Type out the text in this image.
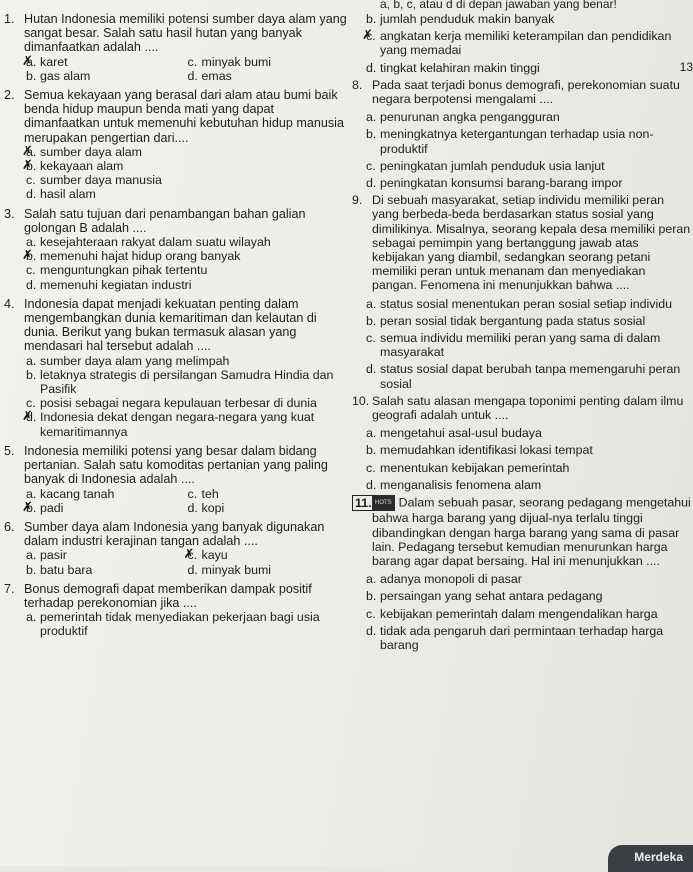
a, b, c, atau d di depan jawaban yang benar!
13
1. Hutan Indonesia memiliki potensi sumber daya alam yang sangat besar. Salah satu hasil hutan yang banyak dimanfaatkan adalah ....
✗ a. karet	c. minyak bumi
b. gas alam	d. emas
2. Semua kekayaan yang berasal dari alam atau bumi baik benda hidup maupun benda mati yang dapat dimanfaatkan untuk memenuhi kebutuhan hidup manusia merupakan pengertian dari....
✗ a. sumber daya alam
✗ b. kekayaan alam
c. sumber daya manusia
d. hasil alam
3. Salah satu tujuan dari penambangan bahan galian golongan B adalah ....
a. kesejahteraan rakyat dalam suatu wilayah
✗ b. memenuhi hajat hidup orang banyak
c. menguntungkan pihak tertentu
d. memenuhi kegiatan industri
4. Indonesia dapat menjadi kekuatan penting dalam mengembangkan dunia kemaritiman dan kelautan di dunia. Berikut yang bukan termasuk alasan yang mendasari hal tersebut adalah ....
a. sumber daya alam yang melimpah
b. letaknya strategis di persilangan Samudra Hindia dan Pasifik
c. posisi sebagai negara kepulauan terbesar di dunia
✗ d. Indonesia dekat dengan negara-negara yang kuat kemaritimannya
5. Indonesia memiliki potensi yang besar dalam bidang pertanian. Salah satu komoditas pertanian yang paling banyak di Indonesia adalah ....
a. kacang tanah	c. teh
✗ b. padi	d. kopi
6. Sumber daya alam Indonesia yang banyak digunakan dalam industri kerajinan tangan adalah ....
a. pasir
✗	c. kayu
b. batu bara	d. minyak bumi
7. Bonus demografi dapat memberikan dampak positif terhadap perekonomian jika ....
a. pemerintah tidak menyediakan pekerjaan bagi usia produktif
b. jumlah penduduk makin banyak
✗ c. angkatan kerja memiliki keterampilan dan pendidikan yang memadai
d. tingkat kelahiran makin tinggi
8. Pada saat terjadi bonus demografi, perekonomian suatu negara berpotensi mengalami ....
a. penurunan angka pengangguran
b. meningkatnya ketergantungan terhadap usia non-produktif
c. peningkatan jumlah penduduk usia lanjut
d. peningkatan konsumsi barang-barang impor
9. Di sebuah masyarakat, setiap individu memiliki peran yang berbeda-beda berdasarkan status sosial yang dimilikinya. Misalnya, seorang kepala desa memiliki peran sebagai pemimpin yang bertanggung jawab atas kebijakan yang diambil, sedangkan seorang petani memiliki peran untuk menanam dan menyediakan pangan. Fenomena ini menunjukkan bahwa ....
a. status sosial menentukan peran sosial setiap individu
b. peran sosial tidak bergantung pada status sosial
c. semua individu memiliki peran yang sama di dalam masyarakat
d. status sosial dapat berubah tanpa memengaruhi peran sosial
10. Salah satu alasan mengapa toponimi penting dalam ilmu geografi adalah untuk ....
a. mengetahui asal-usul budaya
b. memudahkan identifikasi lokasi tempat
c. menentukan kebijakan pemerintah
d. menganalisis fenomena alam
11. HOTS Dalam sebuah pasar, seorang pedagang mengetahui bahwa harga barang yang dijual-nya terlalu tinggi dibandingkan dengan harga barang yang sama di pasar lain. Pedagang tersebut kemudian menurunkan harga barang agar dapat bersaing. Hal ini menunjukkan ....
a. adanya monopoli di pasar
b. persaingan yang sehat antara pedagang
c. kebijakan pemerintah dalam mengendalikan harga
d. tidak ada pengaruh dari permintaan terhadap harga barang
Merdeka
